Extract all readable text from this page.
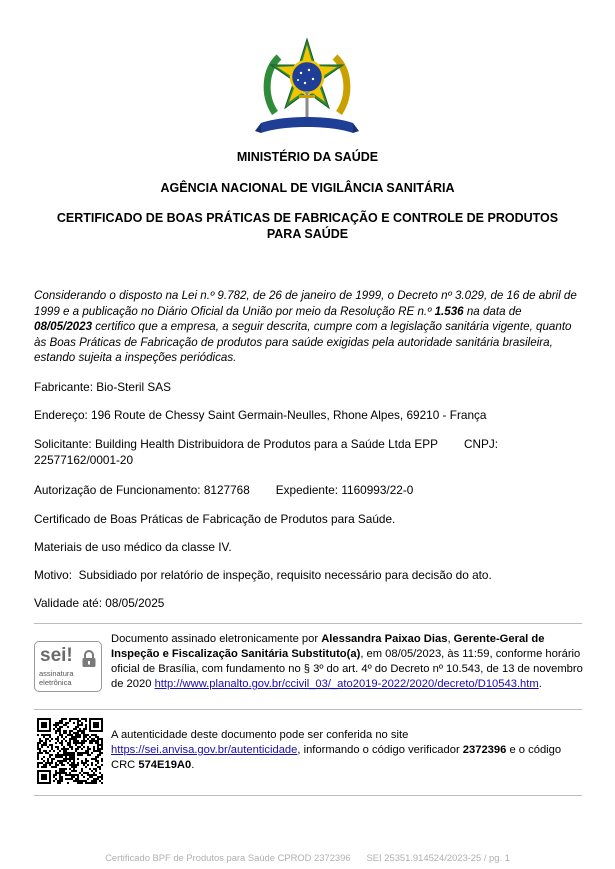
MINISTÉRIO DA SAÚDE
AGÊNCIA NACIONAL DE VIGILÂNCIA SANITÁRIA
CERTIFICADO DE BOAS PRÁTICAS DE FABRICAÇÃO E CONTROLE DE PRODUTOS
PARA SAÚDE
Considerando o disposto na Lei n.º 9.782, de 26 de janeiro de 1999, o Decreto nº 3.029, de 16 de abril de 1999 e a publicação no Diário Oficial da União por meio da Resolução RE n.º 1.536 na data de 08/05/2023 certifico que a empresa, a seguir descrita, cumpre com a legislação sanitária vigente, quanto às Boas Práticas de Fabricação de produtos para saúde exigidas pela autoridade sanitária brasileira, estando sujeita a inspeções periódicas.
Fabricante: Bio-Steril SAS
Endereço: 196 Route de Chessy Saint Germain-Neulles, Rhone Alpes, 69210 - França
Solicitante: Building Health Distribuidora de Produtos para a Saúde Ltda EPP CNPJ:
22577162/0001-20
Autorização de Funcionamento: 8127768 Expediente: 1160993/22-0
Certificado de Boas Práticas de Fabricação de Produtos para Saúde.
Materiais de uso médico da classe IV.
Motivo: Subsidiado por relatório de inspeção, requisito necessário para decisão do ato.
Validade até: 08/05/2025
sei!
assinatura
eletrônica
Documento assinado eletronicamente por Alessandra Paixao Dias, Gerente-Geral de Inspeção e Fiscalização Sanitária Substituto(a), em 08/05/2023, às 11:59, conforme horário oficial de Brasília, com fundamento no § 3º do art. 4º do Decreto nº 10.543, de 13 de novembro de 2020 http://www.planalto.gov.br/ccivil_03/_ato2019-2022/2020/decreto/D10543.htm.
A autenticidade deste documento pode ser conferida no site
https://sei.anvisa.gov.br/autenticidade, informando o código verificador 2372396 e o código CRC 574E19A0.
Certificado BPF de Produtos para Saúde CPROD 2372396 SEI 25351.914524/2023-25 / pg. 1
